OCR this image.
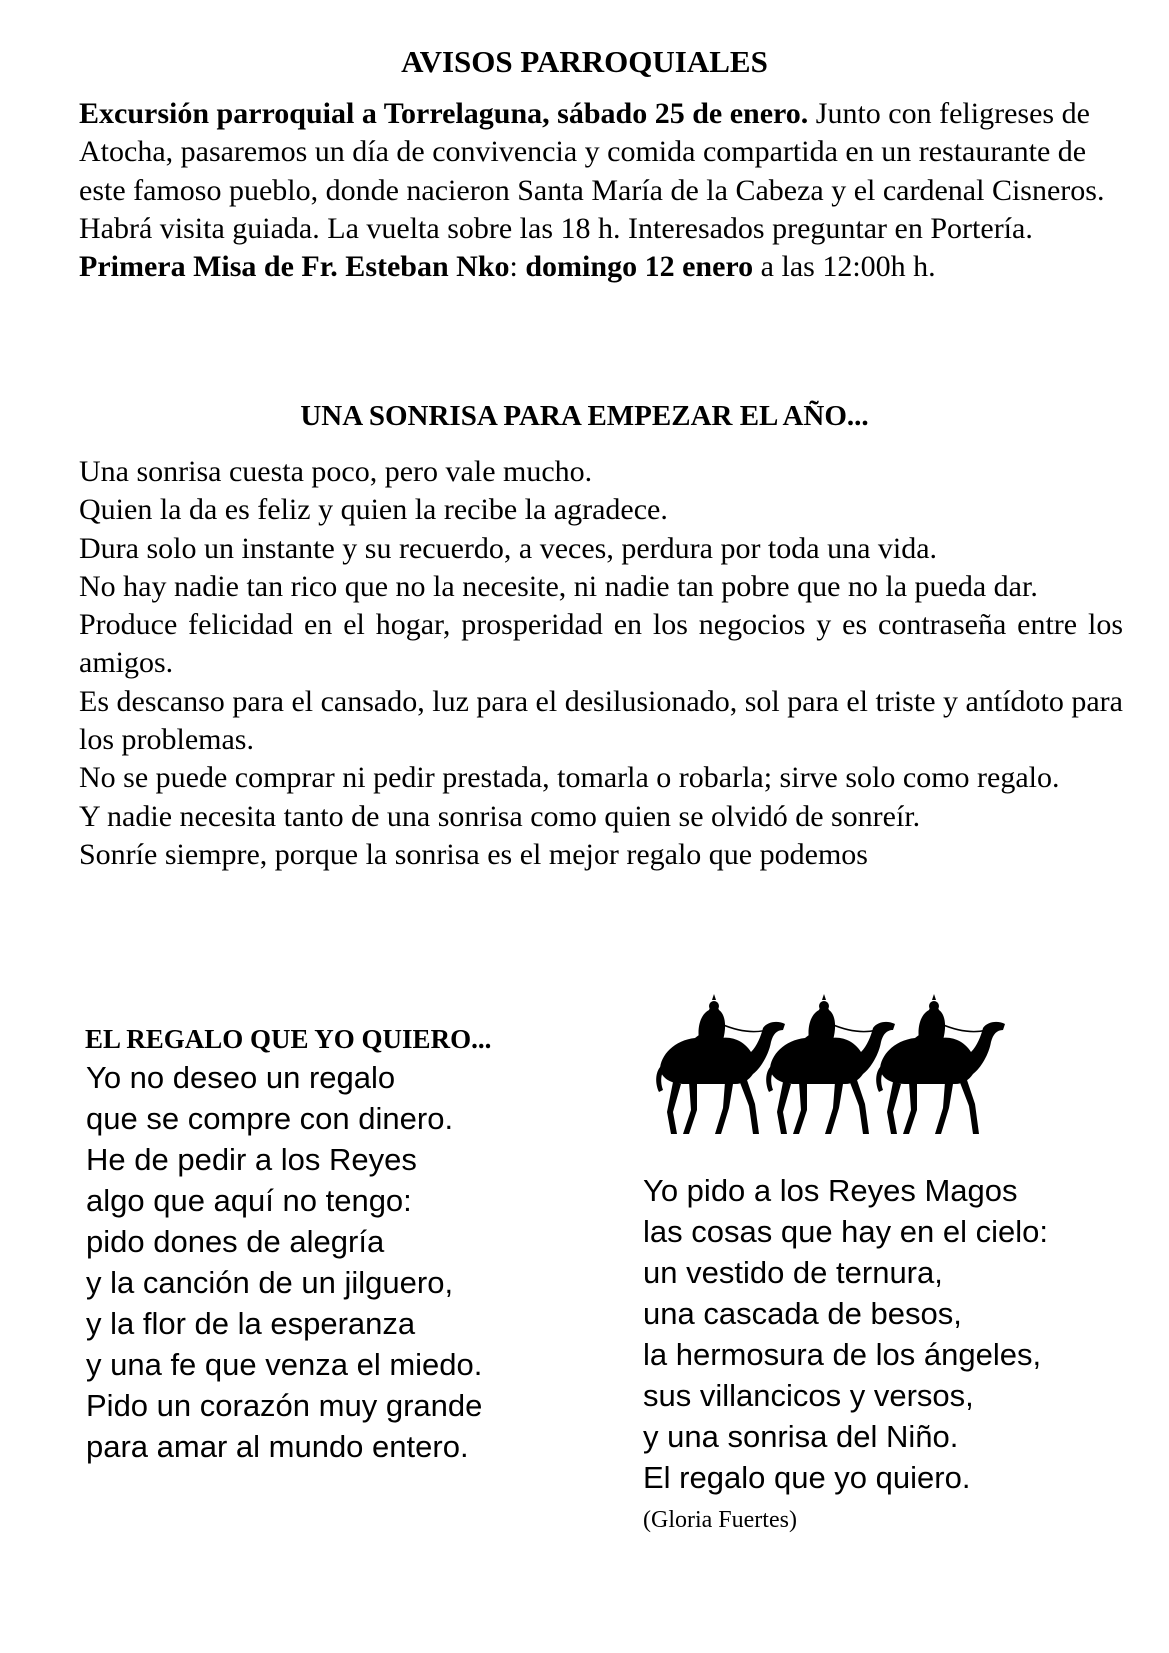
AVISOS PARROQUIALES

Excursión parroquial a Torrelaguna, sábado 25 de enero. Junto con feligreses de Atocha, pasaremos un día de convivencia y comida compartida en un restaurante de este famoso pueblo, donde nacieron Santa María de la Cabeza y el cardenal Cisneros. Habrá visita guiada. La vuelta sobre las 18 h. Interesados preguntar en Portería.

Primera Misa de Fr. Esteban Nko: domingo 12 enero a las 12:00h h.

UNA SONRISA PARA EMPEZAR EL AÑO...

Una sonrisa cuesta poco, pero vale mucho.

Quien la da es feliz y quien la recibe la agradece.

Dura solo un instante y su recuerdo, a veces, perdura por toda una vida.

No hay nadie tan rico que no la necesite, ni nadie tan pobre que no la pueda dar.

Produce felicidad en el hogar, prosperidad en los negocios y es contraseña entre los amigos.

Es descanso para el cansado, luz para el desilusionado, sol para el triste y antídoto para los problemas.

No se puede comprar ni pedir prestada, tomarla o robarla; sirve solo como regalo.

Y nadie necesita tanto de una sonrisa como quien se olvidó de sonreír.

Sonríe siempre, porque la sonrisa es el mejor regalo que podemos

EL REGALO QUE YO QUIERO...
Yo no deseo un regalo
que se compre con dinero.
He de pedir a los Reyes
algo que aquí no tengo:
pido dones de alegría
y la canción de un jilguero,
y la flor de la esperanza
y una fe que venza el miedo.
Pido un corazón muy grande
para amar al mundo entero.
Yo pido a los Reyes Magos
las cosas que hay en el cielo:
un vestido de ternura,
una cascada de besos,
la hermosura de los ángeles,
sus villancicos y versos,
y una sonrisa del Niño.
El regalo que yo quiero.

(Gloria Fuertes)
